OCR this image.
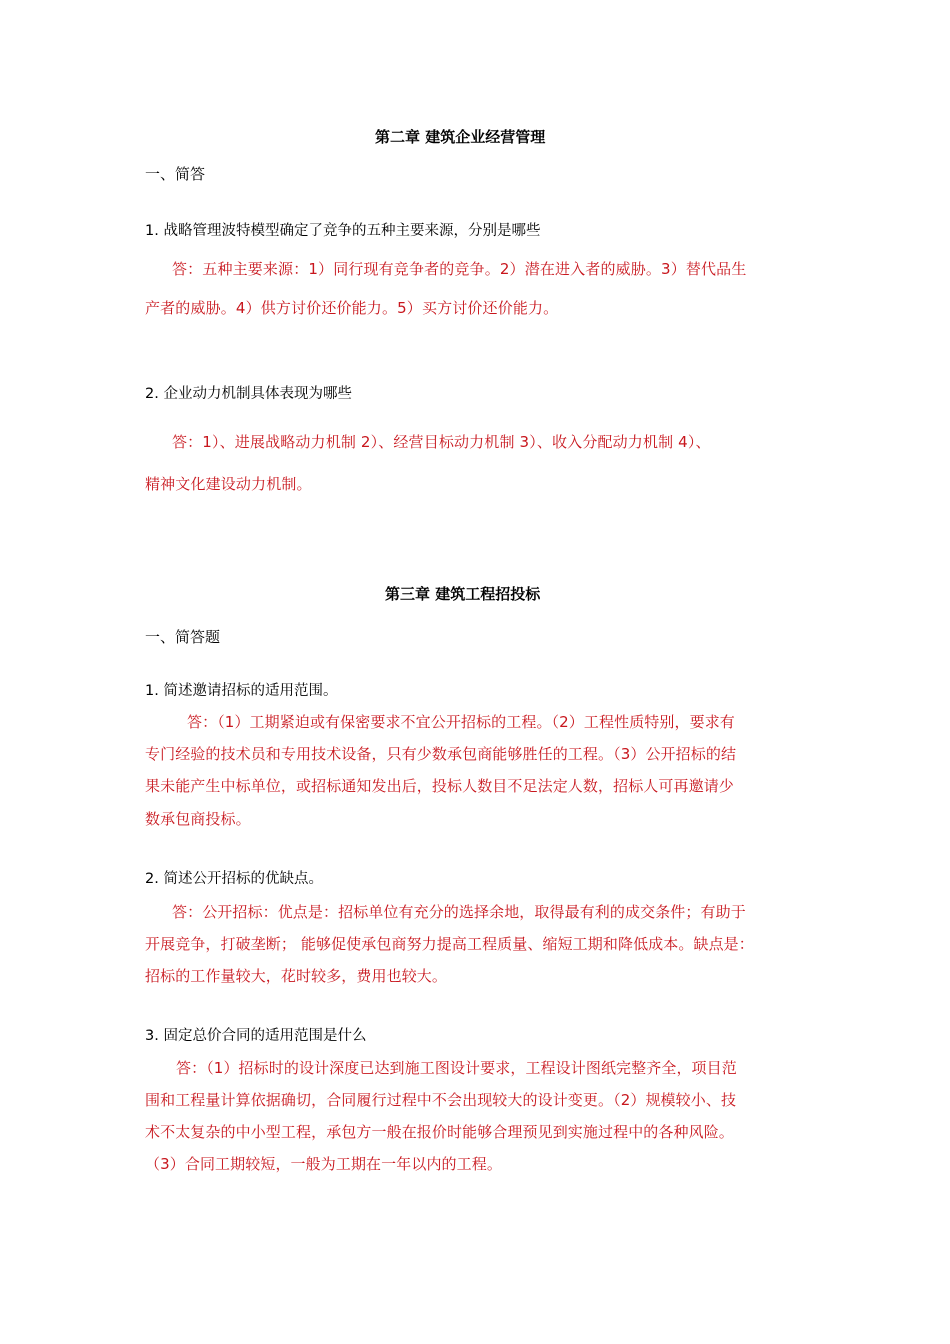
第二章 建筑企业经营管理
一、简答
1. 战略管理波特模型确定了竞争的五种主要来源，分别是哪些
答：五种主要来源：1）同行现有竞争者的竞争。2）潜在进入者的威胁。3）替代品生
产者的威胁。4）供方讨价还价能力。5）买方讨价还价能力。
2. 企业动力机制具体表现为哪些
答：1）、进展战略动力机制 2）、经营目标动力机制 3）、收入分配动力机制 4）、
精神文化建设动力机制。
第三章 建筑工程招投标
一、简答题
1. 简述邀请招标的适用范围。
答：（1）工期紧迫或有保密要求不宜公开招标的工程。（2）工程性质特别，要求有
专门经验的技术员和专用技术设备，只有少数承包商能够胜任的工程。（3）公开招标的结
果未能产生中标单位，或招标通知发出后，投标人数目不足法定人数，招标人可再邀请少
数承包商投标。
2. 简述公开招标的优缺点。
答：公开招标：优点是：招标单位有充分的选择余地，取得最有利的成交条件；有助于
开展竞争，打破垄断； 能够促使承包商努力提高工程质量、缩短工期和降低成本。缺点是：
招标的工作量较大，花时较多，费用也较大。
3. 固定总价合同的适用范围是什么
答：（1）招标时的设计深度已达到施工图设计要求，工程设计图纸完整齐全，项目范
围和工程量计算依据确切，合同履行过程中不会出现较大的设计变更。（2）规模较小、技
术不太复杂的中小型工程，承包方一般在报价时能够合理预见到实施过程中的各种风险。
（3）合同工期较短，一般为工期在一年以内的工程。
